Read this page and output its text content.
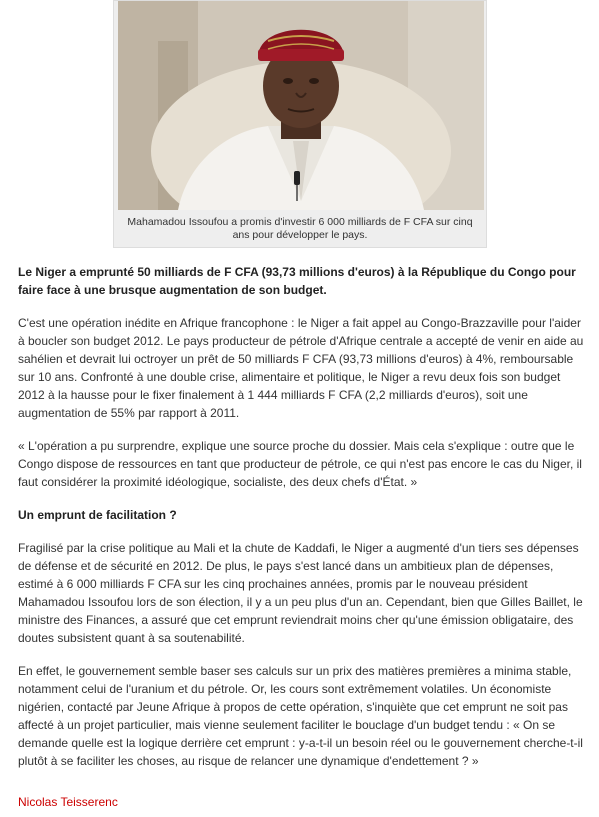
Mahamadou Issoufou a promis d'investir 6 000 milliards de F CFA sur cinq ans pour développer le pays.

Le Niger a emprunté 50 milliards de F CFA (93,73 millions d'euros) à la République du Congo pour faire face à une brusque augmentation de son budget.

C'est une opération inédite en Afrique francophone : le Niger a fait appel au Congo-Brazzaville pour l'aider à boucler son budget 2012. Le pays producteur de pétrole d'Afrique centrale a accepté de venir en aide au sahélien et devrait lui octroyer un prêt de 50 milliards F CFA (93,73 millions d'euros) à 4%, remboursable sur 10 ans. Confronté à une double crise, alimentaire et politique, le Niger a revu deux fois son budget 2012 à la hausse pour le fixer finalement à 1 444 milliards F CFA (2,2 milliards d'euros), soit une augmentation de 55% par rapport à 2011.

« L'opération a pu surprendre, explique une source proche du dossier. Mais cela s'explique : outre que le Congo dispose de ressources en tant que producteur de pétrole, ce qui n'est pas encore le cas du Niger, il faut considérer la proximité idéologique, socialiste, des deux chefs d'État. »

Un emprunt de facilitation ?

Fragilisé par la crise politique au Mali et la chute de Kaddafi, le Niger a augmenté d'un tiers ses dépenses de défense et de sécurité en 2012. De plus, le pays s'est lancé dans un ambitieux plan de dépenses, estimé à 6 000 milliards F CFA sur les cinq prochaines années, promis par le nouveau président Mahamadou Issoufou lors de son élection, il y a un peu plus d'un an. Cependant, bien que Gilles Baillet, le ministre des Finances, a assuré que cet emprunt reviendrait moins cher qu'une émission obligataire, des doutes subsistent quant à sa soutenabilité.

En effet, le gouvernement semble baser ses calculs sur un prix des matières premières a minima stable, notamment celui de l'uranium et du pétrole. Or, les cours sont extrêmement volatiles. Un économiste nigérien, contacté par Jeune Afrique à propos de cette opération, s'inquiète que cet emprunt ne soit pas affecté à un projet particulier, mais vienne seulement faciliter le bouclage d'un budget tendu : « On se demande quelle est la logique derrière cet emprunt : y-a-t-il un besoin réel ou le gouvernement cherche-t-il plutôt à se faciliter les choses, au risque de relancer une dynamique d'endettement ? »

Nicolas Teisserenc
